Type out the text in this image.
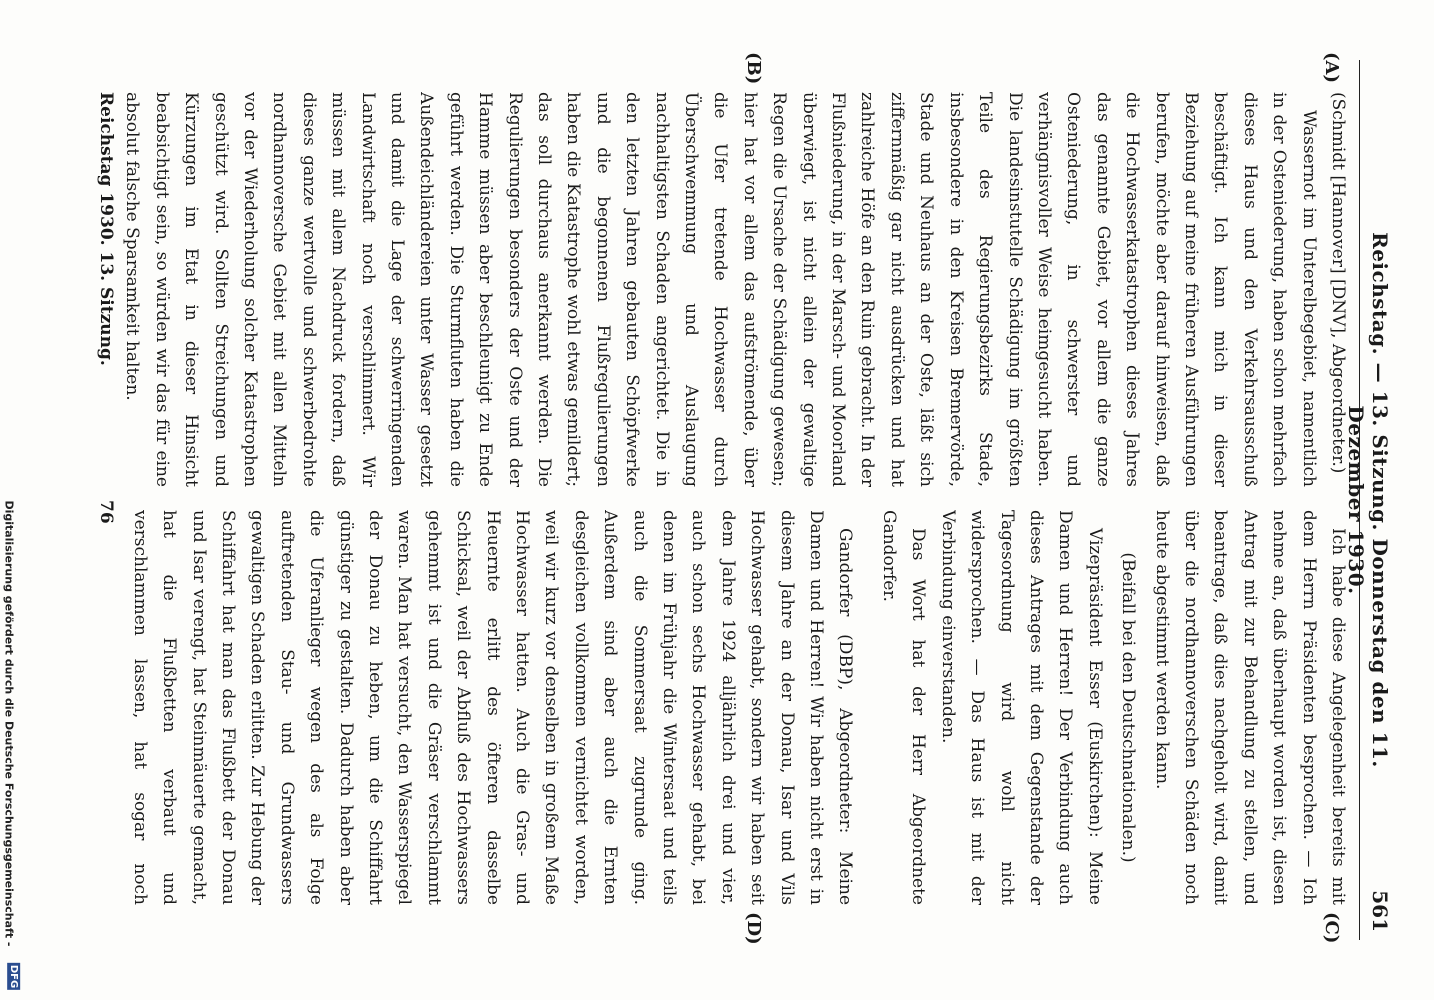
Reichstag. — 13. Sitzung. Donnerstag den 11. Dezember 1930.
561
(A)
(B)
(C)
(D)

(Schmidt [Hannover] [DNV], Abgeordneter.)

Wassernot im Unterelbegebiet, namentlich in der Osteniederung, haben schon mehrfach dieses Haus und den Verkehrsausschuß beschäftigt. Ich kann mich in dieser Beziehung auf meine früheren Ausführungen berufen, möchte aber darauf hinweisen, daß die Hochwasserkatastrophen dieses Jahres das genannte Gebiet, vor allem die ganze Osteniederung, in schwerster und verhängnisvoller Weise heimgesucht haben. Die landesinstutelle Schädigung im größten Teile des Regierungsbezirks Stade, insbesondere in den Kreisen Bremervörde, Stade und Neuhaus an der Oste, läßt sich ziffernmäßig gar nicht ausdrücken und hat zahlreiche Höfe an den Ruin gebracht. In der Flußniederung, in der Marsch- und Moorland überwiegt, ist nicht allein der gewaltige Regen die Ursache der Schädigung gewesen; hier hat vor allem das aufströmende, über die Ufer tretende Hochwasser durch Überschwemmung und Auslaugung nachhaltigsten Schaden angerichtet. Die in den letzten Jahren gebauten Schöpfwerke und die begonnenen Flußregulierungen haben die Katastrophe wohl etwas gemildert; das soll durchaus anerkannt werden. Die Regulierungen besonders der Oste und der Hamme müssen aber beschleunigt zu Ende geführt werden. Die Sturmfluten haben die Außendeichländereien unter Wasser gesetzt und damit die Lage der schwerringenden Landwirtschaft noch verschlimmert. Wir müssen mit allem Nachdruck fordern, daß dieses ganze wertvolle und schwerbedrohte nordhannoversche Gebiet mit allen Mitteln vor der Wiederholung solcher Katastrophen geschützt wird. Sollten Streichungen und Kürzungen im Etat in dieser Hinsicht beabsichtigt sein, so würden wir das für eine absolut falsche Sparsamkeit halten.

Ich habe diese Angelegenheit bereits mit dem Herrn Präsidenten besprochen. — Ich nehme an, daß überhaupt worden ist, diesen Antrag mit zur Behandlung zu stellen, und beantrage, daß dies nachgeholt wird, damit über die nordhannoverschen Schäden noch heute abgestimmt werden kann.

(Beifall bei den Deutschnationalen.)

Vizepräsident Esser (Euskirchen): Meine Damen und Herren! Der Verbindung auch dieses Antrages mit dem Gegenstande der Tagesordnung wird wohl nicht widersprochen. — Das Haus ist mit der Verbindung einverstanden.

Das Wort hat der Herr Abgeordnete Gandorfer.

Gandorfer (DBP), Abgeordneter: Meine Damen und Herren! Wir haben nicht erst in diesem Jahre an der Donau, Isar und Vils Hochwasser gehabt, sondern wir haben seit dem Jahre 1924 alljährlich drei und vier, auch schon sechs Hochwasser gehabt, bei denen im Frühjahr die Wintersaat und teils auch die Sommersaat zugrunde ging. Außerdem sind aber auch die Ernten desgleichen vollkommen vernichtet worden, weil wir kurz vor denselben in großem Maße Hochwasser hatten. Auch die Gras- und Heuernte erlitt des öfteren dasselbe Schicksal, weil der Abfluß des Hochwassers gehemmt ist und die Gräser verschlammt waren. Man hat versucht, den Wasserspiegel der Donau zu heben, um die Schiffahrt günstiger zu gestalten. Dadurch haben aber die Uferanlieger wegen des als Folge auftretenden Stau- und Grundwassers gewaltigen Schaden erlitten. Zur Hebung der Schiffahrt hat man das Flußbett der Donau und Isar verengt, hat Steinmäuerte gemacht, hat die Flußbetten verbaut und verschlammen lassen, hat sogar noch

Reichstag 1930. 13. Sitzung.
76
Digitalisierung gefördert durch die Deutsche Forschungsgemeinschaft -
DFG
